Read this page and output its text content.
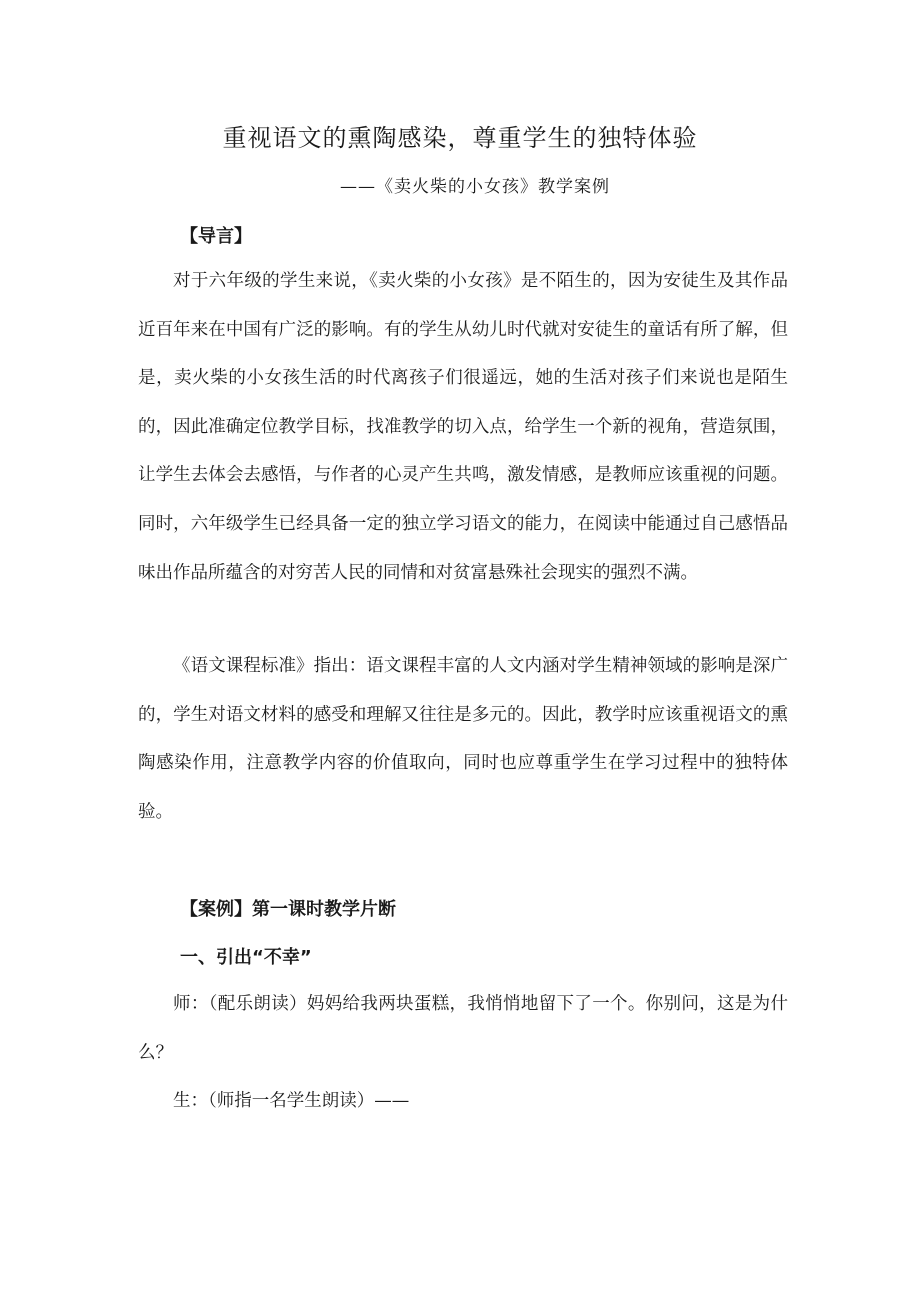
重视语文的熏陶感染，尊重学生的独特体验
——《卖火柴的小女孩》教学案例
【导言】

对于六年级的学生来说，《卖火柴的小女孩》是不陌生的，因为安徒生及其作品近百年来在中国有广泛的影响。有的学生从幼儿时代就对安徒生的童话有所了解，但是，卖火柴的小女孩生活的时代离孩子们很遥远，她的生活对孩子们来说也是陌生的，因此准确定位教学目标，找准教学的切入点，给学生一个新的视角，营造氛围，让学生去体会去感悟，与作者的心灵产生共鸣，激发情感，是教师应该重视的问题。同时，六年级学生已经具备一定的独立学习语文的能力，在阅读中能通过自己感悟品味出作品所蕴含的对穷苦人民的同情和对贫富悬殊社会现实的强烈不满。

《语文课程标准》指出：语文课程丰富的人文内涵对学生精神领域的影响是深广的，学生对语文材料的感受和理解又往往是多元的。因此，教学时应该重视语文的熏陶感染作用，注意教学内容的价值取向，同时也应尊重学生在学习过程中的独特体验。

【案例】第一课时教学片断
一、引出“不幸”

师：（配乐朗读）妈妈给我两块蛋糕，我悄悄地留下了一个。你别问，这是为什么？

生：（师指一名学生朗读）——
